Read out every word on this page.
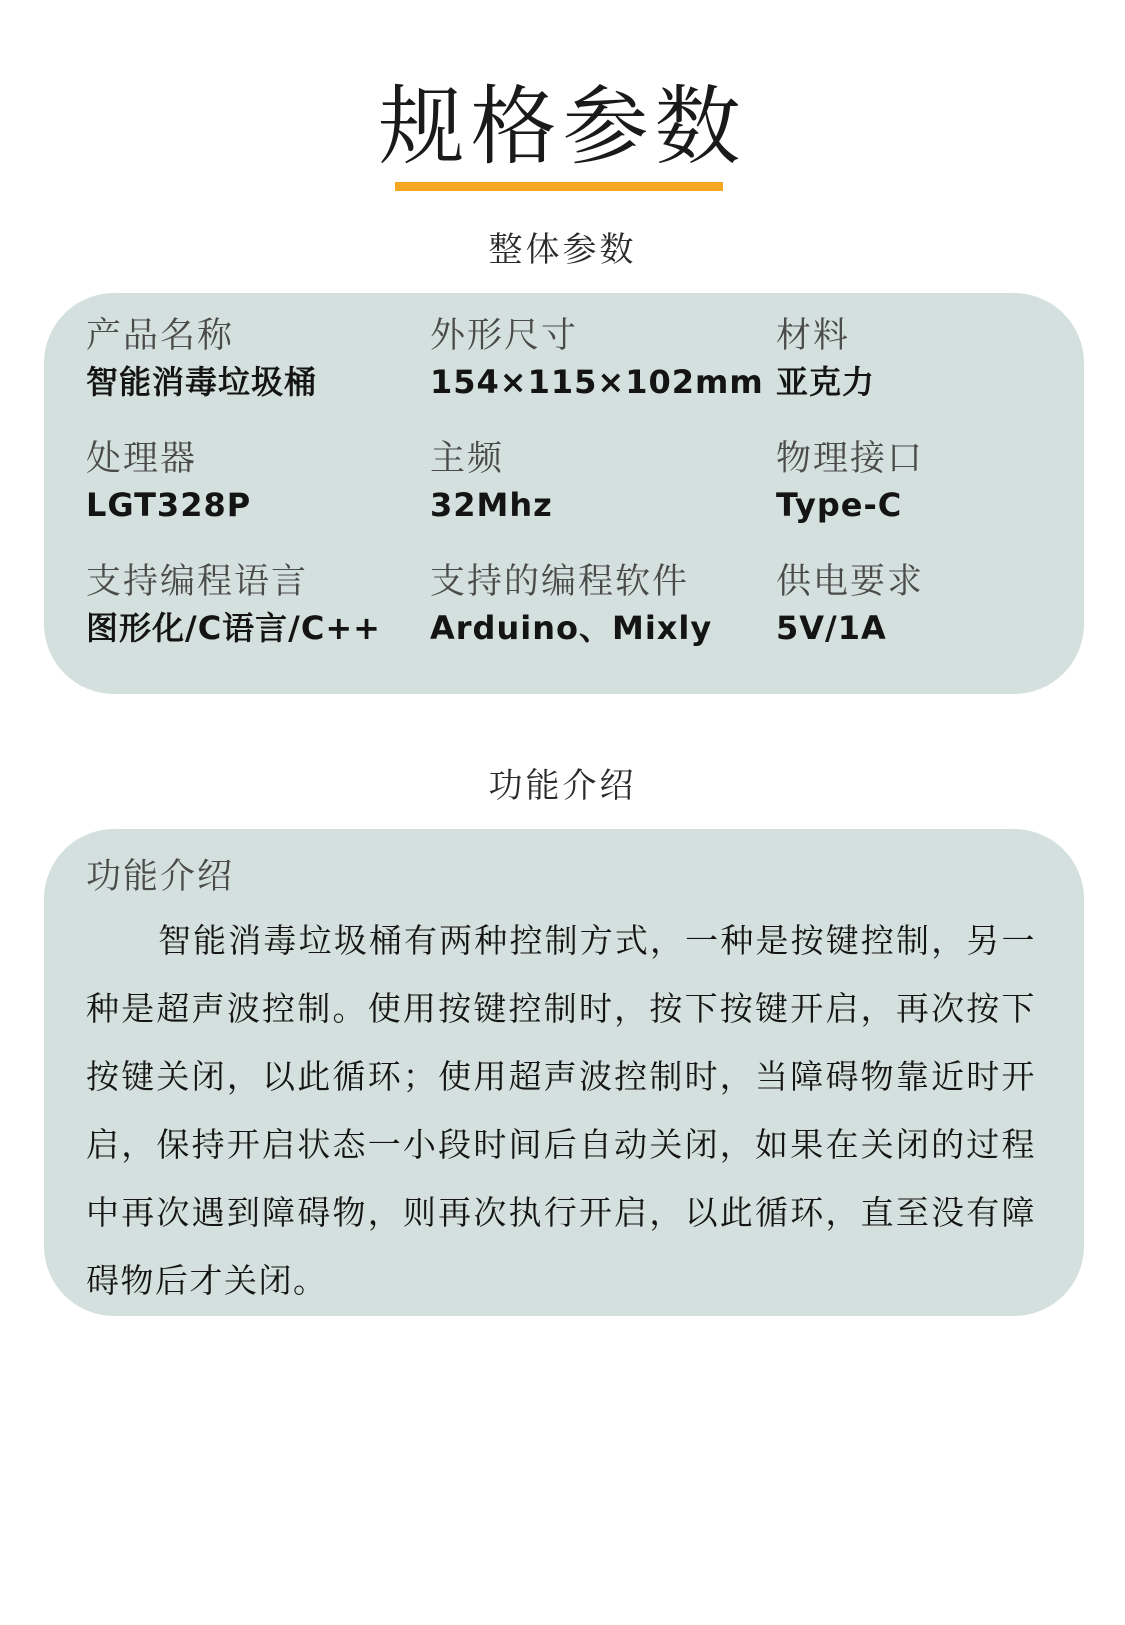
规格参数
整体参数
产品名称
智能消毒垃圾桶
外形尺寸
154×115×102mm
材料
亚克力
处理器
LGT328P
主频
32Mhz
物理接口
Type-C
支持编程语言
图形化/C语言/C++
支持的编程软件
Arduino、Mixly
供电要求
5V/1A
功能介绍
功能介绍

智能消毒垃圾桶有两种控制方式，一种是按键控制，另一种是超声波控制。使用按键控制时，按下按键开启，再次按下按键关闭，以此循环；使用超声波控制时，当障碍物靠近时开启，保持开启状态一小段时间后自动关闭，如果在关闭的过程中再次遇到障碍物，则再次执行开启，以此循环，直至没有障碍物后才关闭。
